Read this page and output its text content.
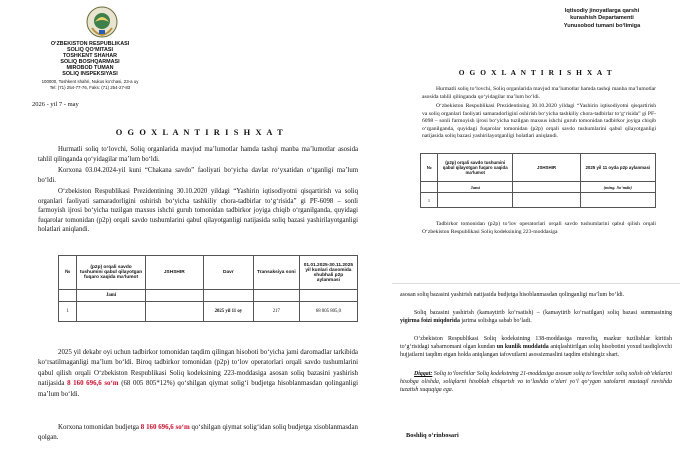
O‘ZBEKISTON RESPUBLIKASI
SOLIQ QO‘MITASI
TOSHKENT SHAHAR
SOLIQ BOSHQARMASI
MIROBOD TUMAN
SOLIQ INSPEKSIYASI
100000, Toshkent shahri, Nukus ko‘chasi, 23-a uy
Tel: (71) 254-77-76, Faks: (71) 254-27-83
2026 - yil 7 - may
O G O X L A N T I R I S H X A T
Hurmatli soliq to‘lovchi, Soliq organlarida mavjud ma’lumotlar hamda tashqi manba ma’lumotlar asosida tahlil qilinganda qo‘yidagilar ma’lum bo‘ldi.
Korxona 03.04.2024-yil kuni “Chakana savdo” faoliyati bo‘yicha davlat ro‘yxatidan o‘tganligi ma’lum bo‘ldi.
O‘zbekiston Respublikasi Prezidentining 30.10.2020 yildagi “Yashirin iqtisodiyotni qisqartirish va soliq organlari faoliyati samaradorligini oshirish bo‘yicha tashkiliy chora-tadbirlar to‘g‘risida” gi PF-6098 – sonli farmoyish ijrosi bo‘yicha tuzilgan maxsus ishchi guruh tomonidan tadbirkor joyiga chiqib o‘rganilganda, quyidagi fuqarolar tomonidan (p2p) orqali savdo tushumlarini qabul qilayotganligi natijasida soliq bazasi yashirilayotganligi holatlari aniqlandi.
№	(p2p) orqali savdo tushumini qabul qilayotgan fuqaro xaqida ma’lumot	JSHSHIR	Davr	Transaksiya soni	01.01.2025-30.11.2025 yil kunlari davomida shubhali p2p aylanmasi
	Jami				
1			2025 yil 11 oy	217	68 005 805,0
2025 yil dekabr oyi uchun tadbirkor tomonidan taqdim qilingan hisoboti bo‘yicha jami daromadlar tarkibida ko‘rsatilmaganligi ma’lum bo‘ldi. Biroq tadbirkor tomonidan (p2p) to‘lov operatorlari orqali savdo tushumlarini qabul qilish orqali O‘zbekiston Respublikasi Soliq kodeksining 223-moddasiga asosan soliq bazasini yashirish natijasida 8 160 696,6 so‘m (68 005 805*12%) qo‘shilgan qiymat solig‘i budjetga hisoblanmasdan qolinganligi ma’lum bo‘ldi.
Korxona tomonidan budjetga 8 160 696,6 so‘m qo‘shilgan qiymat solig‘idan soliq budjetga xisoblanmasdan qolgan.
Iqtisodiy jinoyatlarga qarshi
kurashish Departamenti
Yunusobod tumani bo‘limiga
O G O X L A N T I R I S H X A T
Hurmatli soliq to‘lovchi, Soliq organlarida mavjud ma’lumotlar hamda tashqi manba ma’lumotlar asosida tahlil qilinganda qo‘yidagilar ma’lum bo‘ldi.
O‘zbekiston Respublikasi Prezidentining 30.10.2020 yildagi “Yashirin iqtisodiyotni qisqartirish va soliq organlari faoliyati samaradorligini oshirish bo‘yicha tashkiliy chora-tadbirlar to‘g‘risida” gi PF-6098 – sonli farmoyish ijrosi bo‘yicha tuzilgan maxsus ishchi guruh tomonidan tadbirkor joyiga chiqib o‘rganilganda, quyidagi fuqarolar tomonidan (p2p) orqali savdo tushumlarini qabul qilayotganligi natijasida soliq bazasi yashirilayotganligi holatlari aniqlandi.
№	(p2p) orqali savdo tushumini qabul qilayotgan fuqaro xaqida ma’lumot	JSHSHIR	2025 yil 11 oyda p2p aylanmasi
	Jami		(ming. So‘mda)
1			
Tadbirkor tomonidan (p2p) to‘lov operatorlari orqali savdo tushumlarini qabul qilish orqali O‘zbekiston Respublikasi Soliq kodeksining 223-moddasiga
asosan soliq bazasini yashirish natijasida budjetga hisoblanmasdan qolinganligi ma’lum bo‘ldi.
Soliq bazasini yashirish (kamaytirib ko‘rsatish) – (kamaytirib ko‘rsatilgan) soliq bazasi summasining yigirma foizi miqdorida jarima solishga sabab bo‘ladi.
O‘zbekiston Respublikasi Soliq kodeksining 138-moddasiga muvofiq, mazkur tuzilishlar kiritish to‘g‘risidagi xabarnomani olgan kundan un kunlik muddatda aniqlashtirilgan soliq hisobotini yoxud tasdiqlovchi hujjatlarni taqdim etgan holda aniqlangan tafovutlarni asossizmaslini taqdim etishingiz shart.
Diqqat: Soliq to‘lovchilar Soliq kodeksining 21-moddasiga asosan soliq to‘lovchilar soliq xolish ob’ektlarini hisobga olishda, soliqlarni hisoblab chiqarish va to‘lashda o‘zlari yo‘l qo‘ygan xatolarni mustaqil ravishda tuzatish xuquqiga ega.
Boshliq o‘rinbosari
